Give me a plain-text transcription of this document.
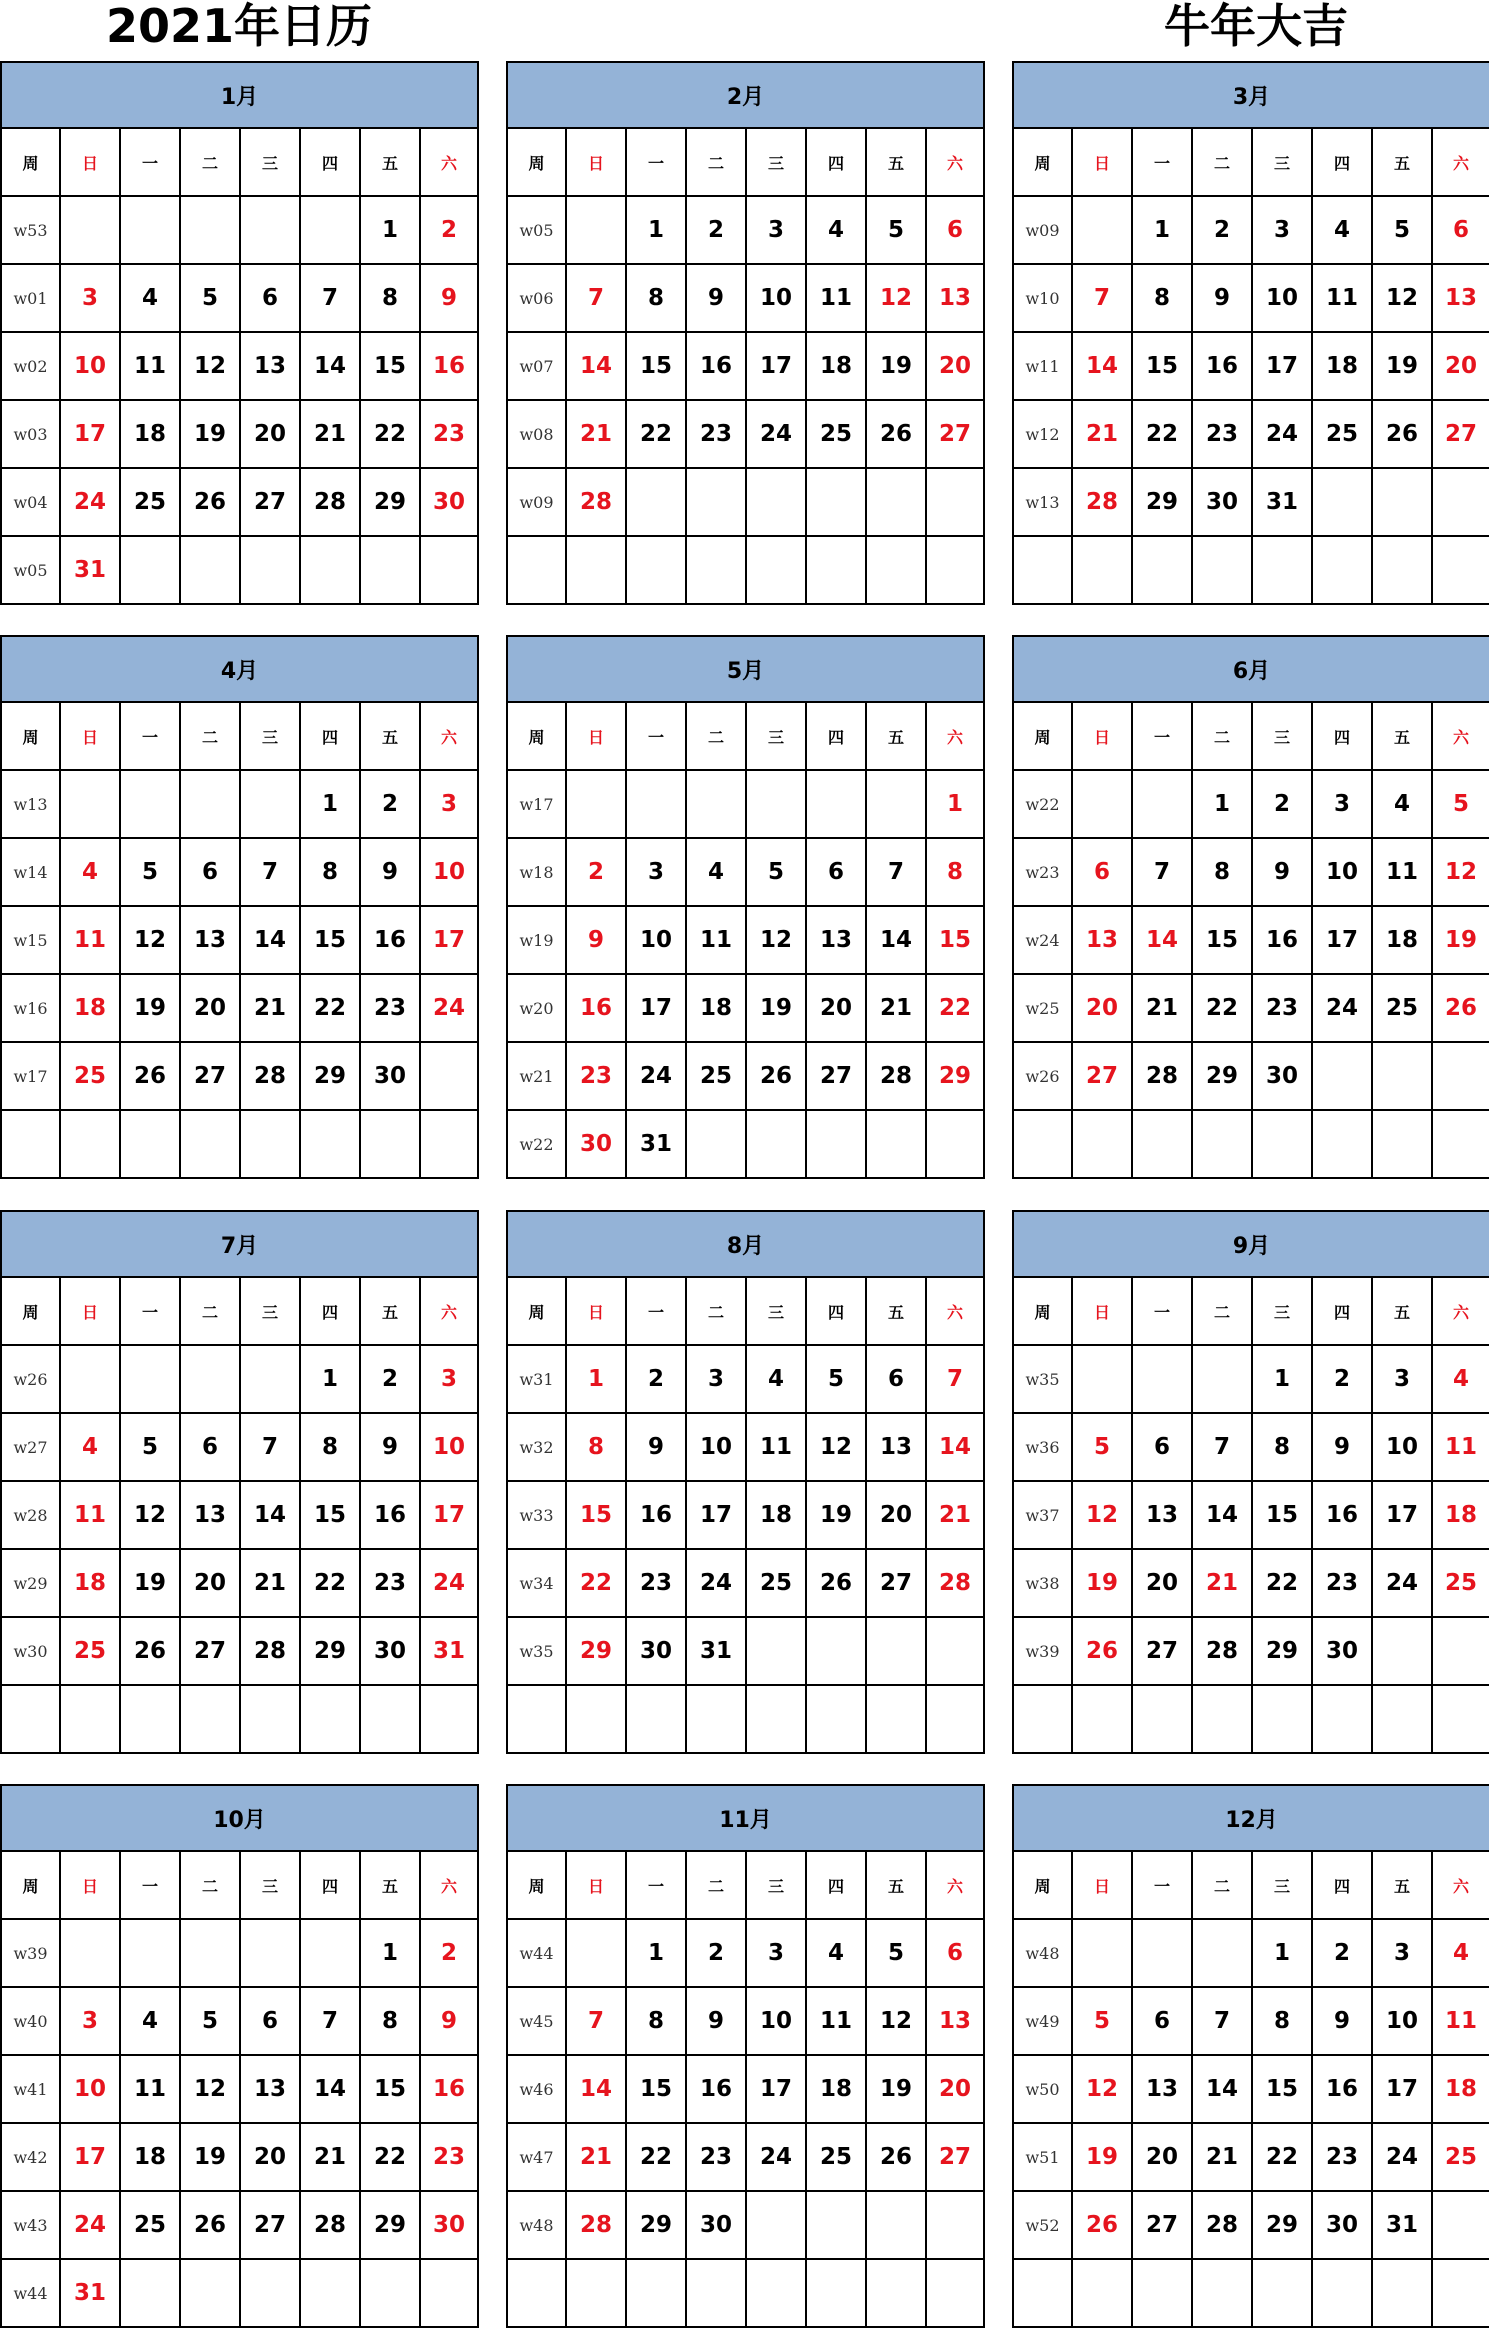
2021年日历	牛年大吉
1月							
周	日	一	二	三	四	五	六
w53						1	2
w01	3	4	5	6	7	8	9
w02	10	11	12	13	14	15	16
w03	17	18	19	20	21	22	23
w04	24	25	26	27	28	29	30
w05	31						
2月							
周	日	一	二	三	四	五	六
w05		1	2	3	4	5	6
w06	7	8	9	10	11	12	13
w07	14	15	16	17	18	19	20
w08	21	22	23	24	25	26	27
w09	28						

3月							
周	日	一	二	三	四	五	六
w09		1	2	3	4	5	6
w10	7	8	9	10	11	12	13
w11	14	15	16	17	18	19	20
w12	21	22	23	24	25	26	27
w13	28	29	30	31			

4月							
周	日	一	二	三	四	五	六
w13					1	2	3
w14	4	5	6	7	8	9	10
w15	11	12	13	14	15	16	17
w16	18	19	20	21	22	23	24
w17	25	26	27	28	29	30	

5月							
周	日	一	二	三	四	五	六
w17							1
w18	2	3	4	5	6	7	8
w19	9	10	11	12	13	14	15
w20	16	17	18	19	20	21	22
w21	23	24	25	26	27	28	29
w22	30	31					
6月							
周	日	一	二	三	四	五	六
w22			1	2	3	4	5
w23	6	7	8	9	10	11	12
w24	13	14	15	16	17	18	19
w25	20	21	22	23	24	25	26
w26	27	28	29	30			

7月							
周	日	一	二	三	四	五	六
w26					1	2	3
w27	4	5	6	7	8	9	10
w28	11	12	13	14	15	16	17
w29	18	19	20	21	22	23	24
w30	25	26	27	28	29	30	31

8月							
周	日	一	二	三	四	五	六
w31	1	2	3	4	5	6	7
w32	8	9	10	11	12	13	14
w33	15	16	17	18	19	20	21
w34	22	23	24	25	26	27	28
w35	29	30	31				

9月							
周	日	一	二	三	四	五	六
w35				1	2	3	4
w36	5	6	7	8	9	10	11
w37	12	13	14	15	16	17	18
w38	19	20	21	22	23	24	25
w39	26	27	28	29	30		

10月							
周	日	一	二	三	四	五	六
w39						1	2
w40	3	4	5	6	7	8	9
w41	10	11	12	13	14	15	16
w42	17	18	19	20	21	22	23
w43	24	25	26	27	28	29	30
w44	31						
11月							
周	日	一	二	三	四	五	六
w44		1	2	3	4	5	6
w45	7	8	9	10	11	12	13
w46	14	15	16	17	18	19	20
w47	21	22	23	24	25	26	27
w48	28	29	30				

12月							
周	日	一	二	三	四	五	六
w48				1	2	3	4
w49	5	6	7	8	9	10	11
w50	12	13	14	15	16	17	18
w51	19	20	21	22	23	24	25
w52	26	27	28	29	30	31	
